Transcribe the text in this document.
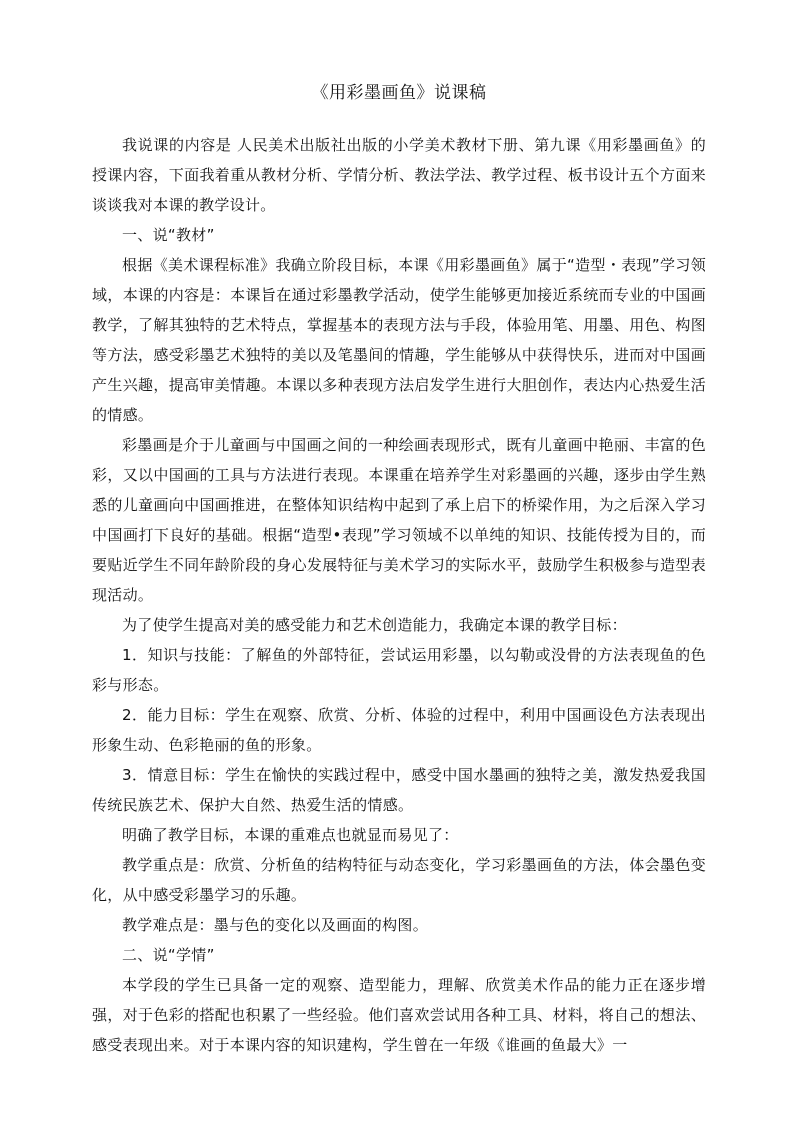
《用彩墨画鱼》说课稿

我说课的内容是 人民美术出版社出版的小学美术教材下册、第九课《用彩墨画鱼》的授课内容，下面我着重从教材分析、学情分析、教法学法、教学过程、板书设计五个方面来谈谈我对本课的教学设计。

一、说“教材”

根据《美术课程标准》我确立阶段目标，本课《用彩墨画鱼》属于“造型・表现”学习领域，本课的内容是：本课旨在通过彩墨教学活动，使学生能够更加接近系统而专业的中国画教学，了解其独特的艺术特点，掌握基本的表现方法与手段，体验用笔、用墨、用色、构图等方法，感受彩墨艺术独特的美以及笔墨间的情趣，学生能够从中获得快乐，进而对中国画产生兴趣，提高审美情趣。本课以多种表现方法启发学生进行大胆创作，表达内心热爱生活的情感。

彩墨画是介于儿童画与中国画之间的一种绘画表现形式，既有儿童画中艳丽、丰富的色彩，又以中国画的工具与方法进行表现。本课重在培养学生对彩墨画的兴趣，逐步由学生熟悉的儿童画向中国画推进，在整体知识结构中起到了承上启下的桥梁作用，为之后深入学习中国画打下良好的基础。根据“造型•表现”学习领域不以单纯的知识、技能传授为目的，而要贴近学生不同年龄阶段的身心发展特征与美术学习的实际水平，鼓励学生积极参与造型表现活动。

为了使学生提高对美的感受能力和艺术创造能力，我确定本课的教学目标：

1．知识与技能：了解鱼的外部特征，尝试运用彩墨，以勾勒或没骨的方法表现鱼的色彩与形态。

2．能力目标：学生在观察、欣赏、分析、体验的过程中，利用中国画设色方法表现出形象生动、色彩艳丽的鱼的形象。

3．情意目标：学生在愉快的实践过程中，感受中国水墨画的独特之美，激发热爱我国传统民族艺术、保护大自然、热爱生活的情感。

明确了教学目标，本课的重难点也就显而易见了：

教学重点是：欣赏、分析鱼的结构特征与动态变化，学习彩墨画鱼的方法，体会墨色变化，从中感受彩墨学习的乐趣。

教学难点是：墨与色的变化以及画面的构图。

二、说“学情”

本学段的学生已具备一定的观察、造型能力，理解、欣赏美术作品的能力正在逐步增强，对于色彩的搭配也积累了一些经验。他们喜欢尝试用各种工具、材料，将自己的想法、感受表现出来。对于本课内容的知识建构，学生曾在一年级《谁画的鱼最大》一
